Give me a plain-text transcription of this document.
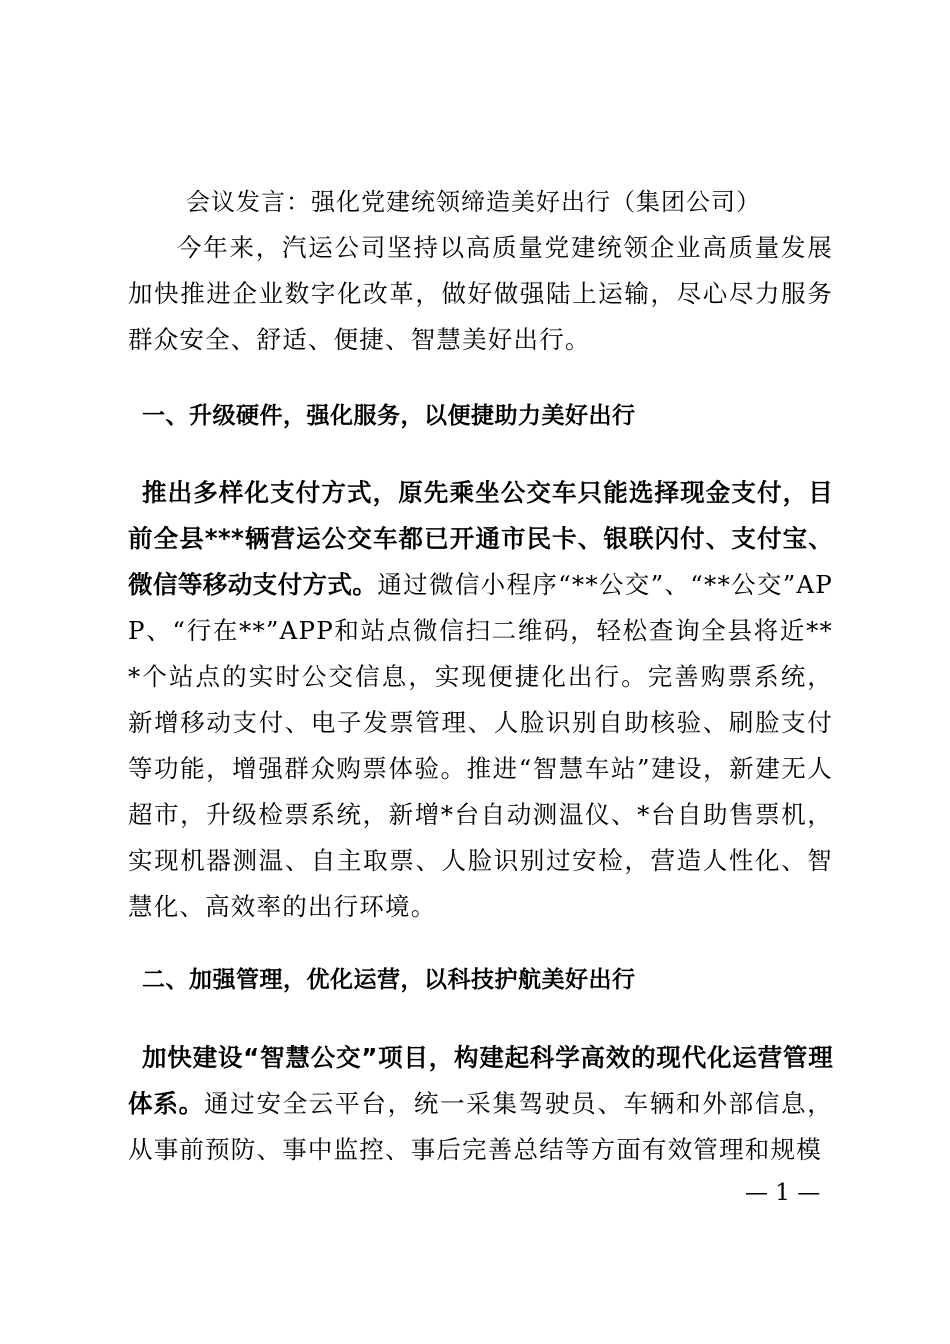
会议发言：强化党建统领缔造美好出行（集团公司）
今年来，汽运公司坚持以高质量党建统领企业高质量发展加快推进企业数字化改革，做好做强陆上运输，尽心尽力服务群众安全、舒适、便捷、智慧美好出行。
一、升级硬件，强化服务，以便捷助力美好出行
推出多样化支付方式，原先乘坐公交车只能选择现金支付，目前全县***辆营运公交车都已开通市民卡、银联闪付、支付宝、微信等移动支付方式。通过微信小程序“**公交”、“**公交”APP、“行在**”APP和站点微信扫二维码，轻松查询全县将近***个站点的实时公交信息，实现便捷化出行。完善购票系统，新增移动支付、电子发票管理、人脸识别自助核验、刷脸支付等功能，增强群众购票体验。推进“智慧车站”建设，新建无人超市，升级检票系统，新增*台自动测温仪、*台自助售票机，实现机器测温、自主取票、人脸识别过安检，营造人性化、智慧化、高效率的出行环境。
二、加强管理，优化运营，以科技护航美好出行
加快建设“智慧公交”项目，构建起科学高效的现代化运营管理体系。通过安全云平台，统一采集驾驶员、车辆和外部信息，从事前预防、事中监控、事后完善总结等方面有效管理和规模
— 1 —
